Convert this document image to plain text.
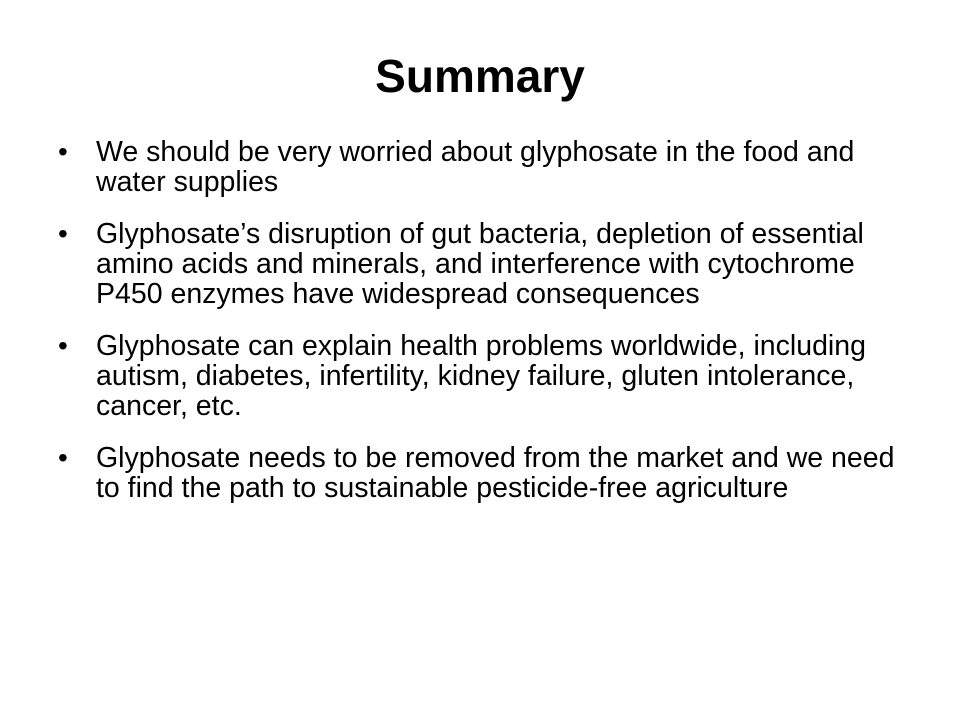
Summary
• We should be very worried about glyphosate in the food and water supplies
• Glyphosate’s disruption of gut bacteria, depletion of essential amino acids and minerals, and interference with cytochrome P450 enzymes have widespread consequences
• Glyphosate can explain health problems worldwide, including autism, diabetes, infertility, kidney failure, gluten intolerance, cancer, etc.
• Glyphosate needs to be removed from the market and we need to find the path to sustainable pesticide-free agriculture
